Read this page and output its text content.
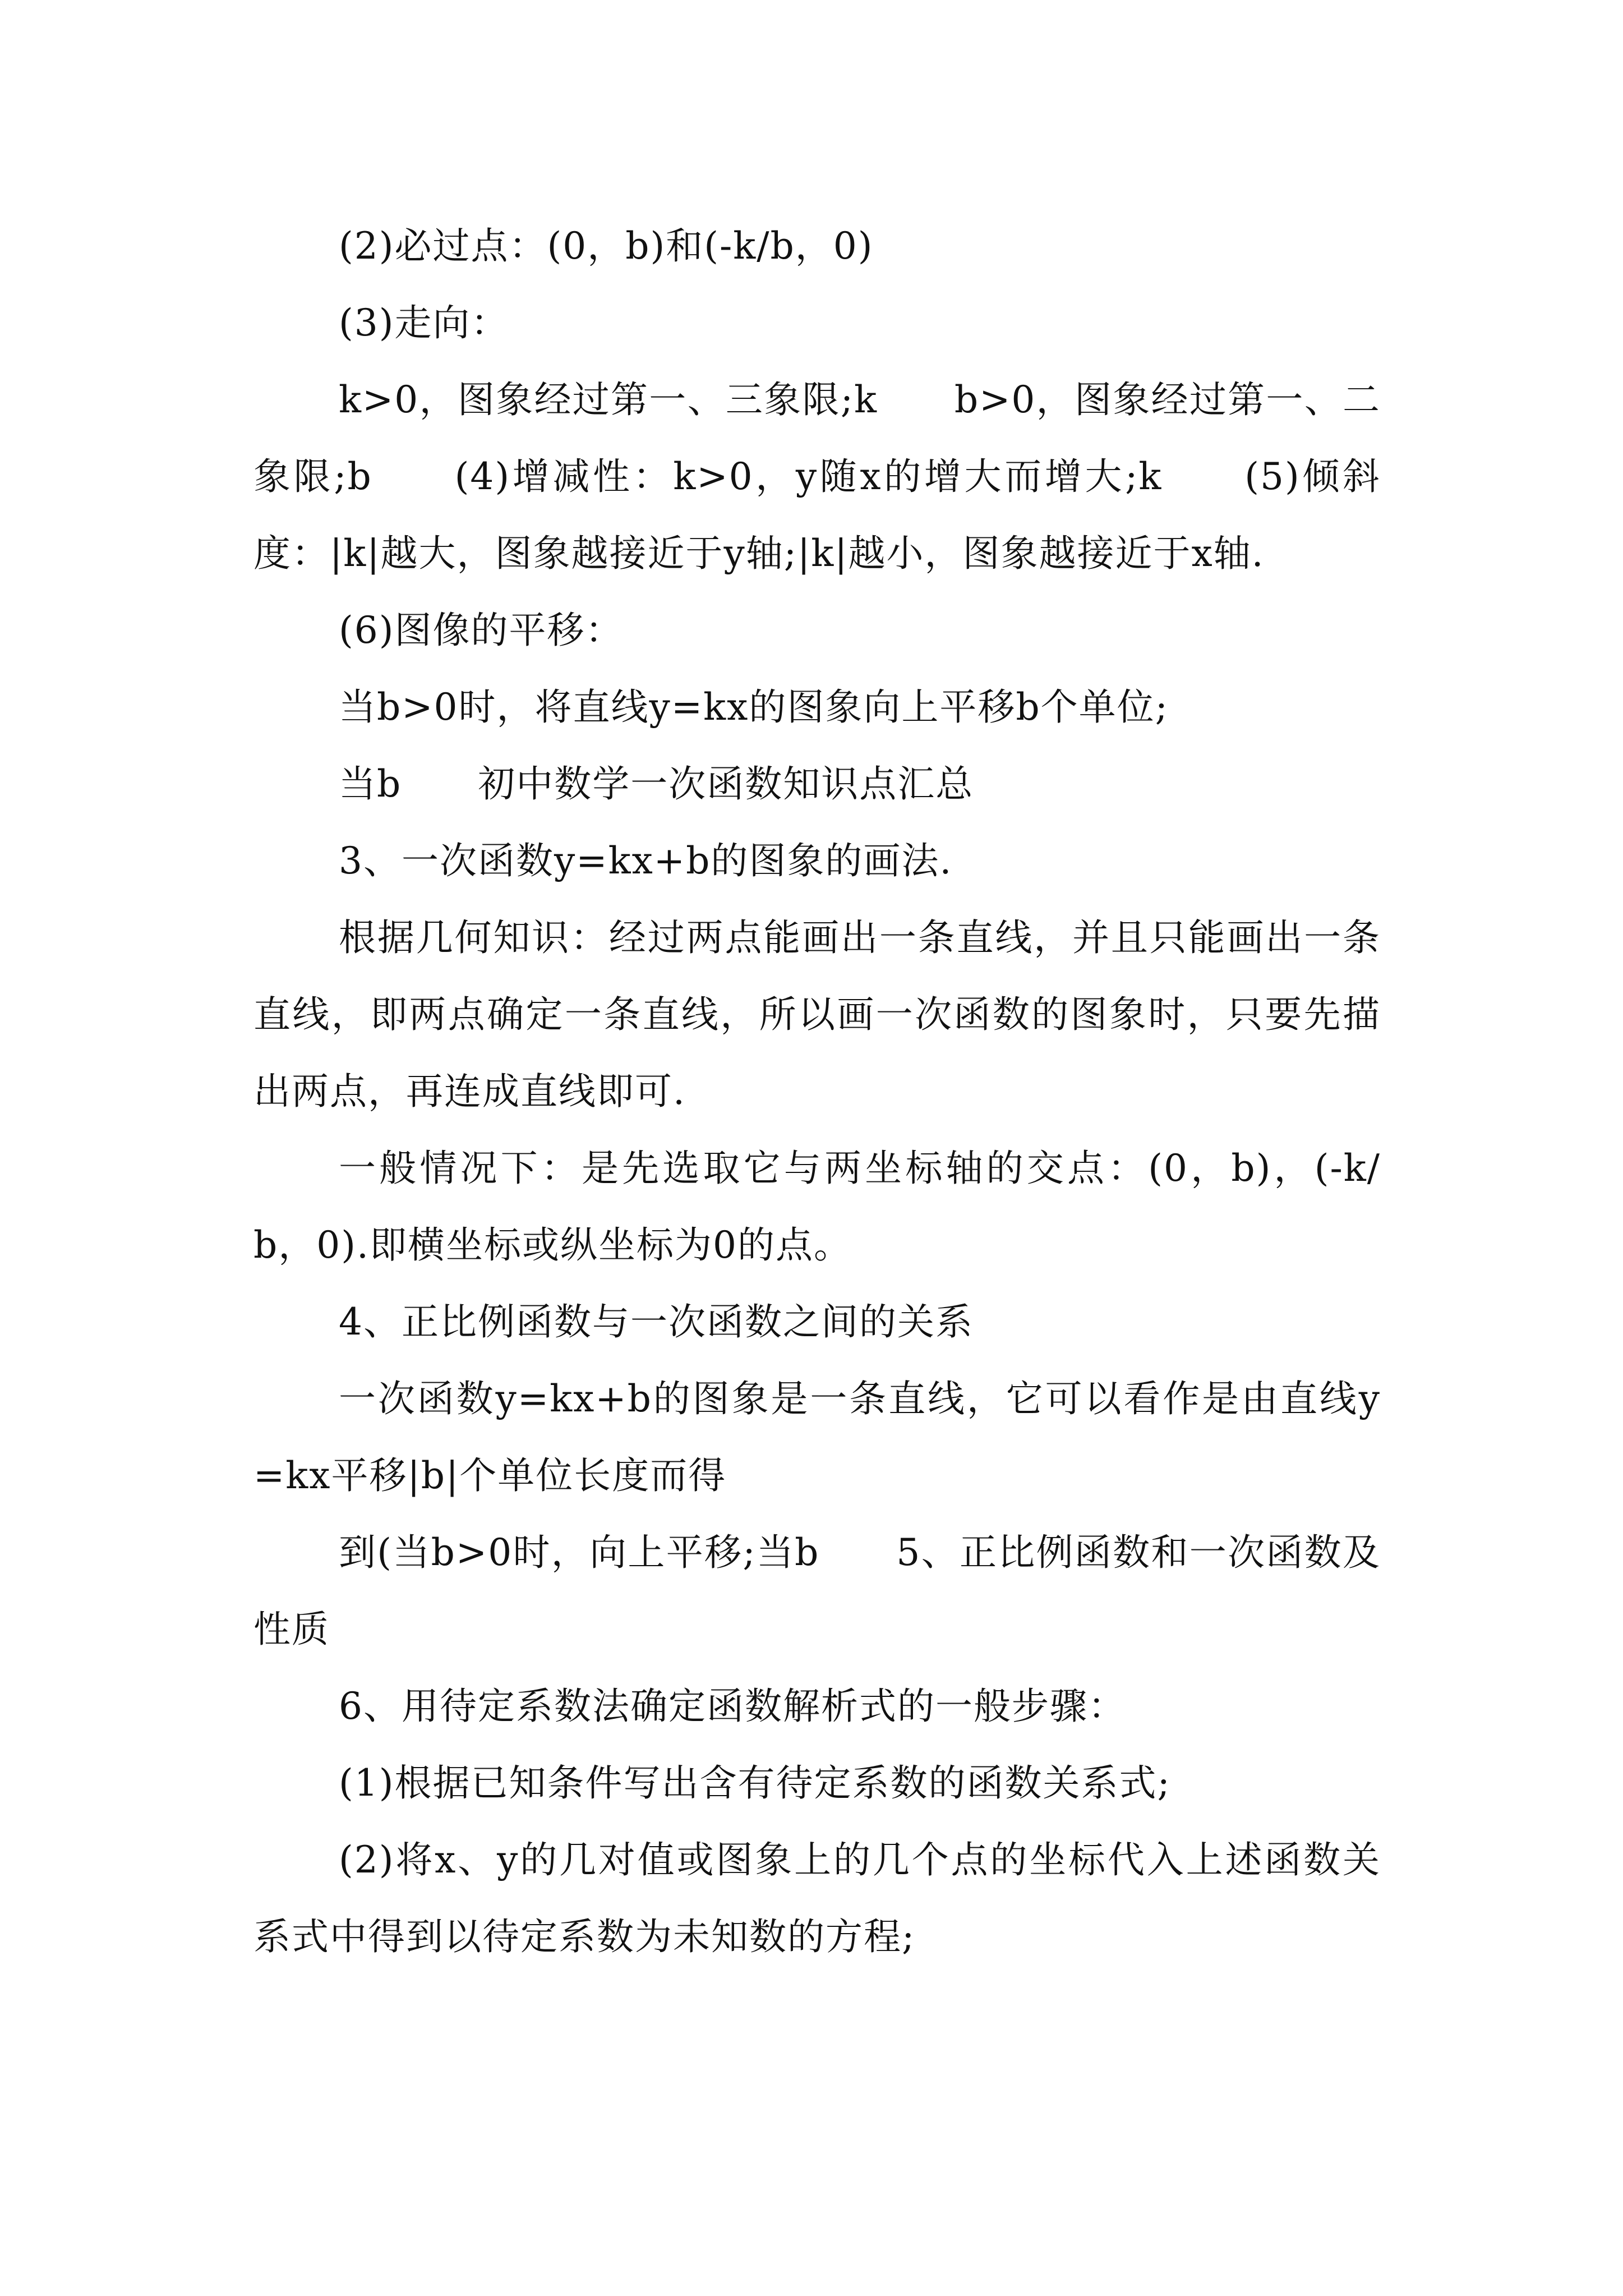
(2)必过点：(0，b)和(-k/b，0)

(3)走向：

k>0，图象经过第一、三象限;k　　b>0，图象经过第一、二象限;b　　(4)增减性：k>0，y随x的增大而增大;k　　(5)倾斜度：|k|越大，图象越接近于y轴;|k|越小，图象越接近于x轴.

(6)图像的平移：

当b>0时，将直线y=kx的图象向上平移b个单位;

当b　　初中数学一次函数知识点汇总

3、一次函数y=kx+b的图象的画法.

根据几何知识：经过两点能画出一条直线，并且只能画出一条直线，即两点确定一条直线，所以画一次函数的图象时，只要先描出两点，再连成直线即可.

一般情况下：是先选取它与两坐标轴的交点：(0，b)，(-k/b，0).即横坐标或纵坐标为0的点。

4、正比例函数与一次函数之间的关系

一次函数y=kx+b的图象是一条直线，它可以看作是由直线y=kx平移|b|个单位长度而得

到(当b>0时，向上平移;当b　　5、正比例函数和一次函数及性质

6、用待定系数法确定函数解析式的一般步骤：

(1)根据已知条件写出含有待定系数的函数关系式;

(2)将x、y的几对值或图象上的几个点的坐标代入上述函数关系式中得到以待定系数为未知数的方程;
